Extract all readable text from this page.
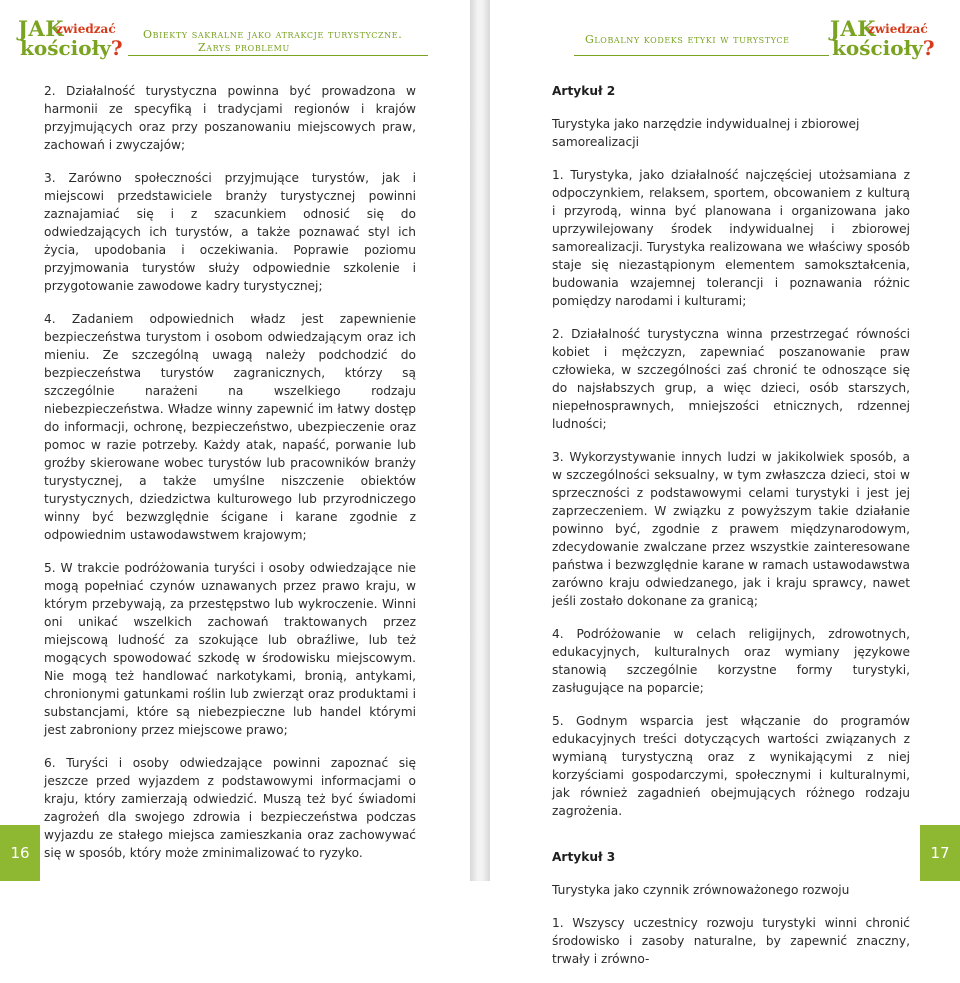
JAK
zwiedzać
kościoły?
Obiekty sakralne jako atrakcje turystyczne.
Zarys problemu

2. Działalność turystyczna powinna być prowadzona w harmonii ze specyfiką i tradycjami regionów i krajów przyjmujących oraz przy poszanowaniu miejscowych praw, zachowań i zwyczajów;

3. Zarówno społeczności przyjmujące turystów, jak i miejscowi przedstawiciele branży turystycznej powinni zaznajamiać się i z szacunkiem odnosić się do odwiedzających ich turystów, a także poznawać styl ich życia, upodobania i oczekiwania. Poprawie poziomu przyjmowania turystów służy odpowiednie szkolenie i przygotowanie zawodowe kadry turystycznej;

4. Zadaniem odpowiednich władz jest zapewnienie bezpieczeństwa turystom i osobom odwiedzającym oraz ich mieniu. Ze szczególną uwagą należy podchodzić do bezpieczeństwa turystów zagranicznych, którzy są szczególnie narażeni na wszelkiego rodzaju niebezpieczeństwa. Władze winny zapewnić im łatwy dostęp do informacji, ochronę, bezpieczeństwo, ubezpieczenie oraz pomoc w razie potrzeby. Każdy atak, napaść, porwanie lub groźby skierowane wobec turystów lub pracowników branży turystycznej, a także umyślne niszczenie obiektów turystycznych, dziedzictwa kulturowego lub przyrodniczego winny być bezwzględnie ścigane i karane zgodnie z odpowiednim ustawodawstwem krajowym;

5. W trakcie podróżowania turyści i osoby odwiedzające nie mogą popełniać czynów uznawanych przez prawo kraju, w którym przebywają, za przestępstwo lub wykroczenie. Winni oni unikać wszelkich zachowań traktowanych przez miejscową ludność za szokujące lub obraźliwe, lub też mogących spowodować szkodę w środowisku miejscowym. Nie mogą też handlować narkotykami, bronią, antykami, chronionymi gatunkami roślin lub zwierząt oraz produktami i substancjami, które są niebezpieczne lub handel którymi jest zabroniony przez miejscowe prawo;

6. Turyści i osoby odwiedzające powinni zapoznać się jeszcze przed wyjazdem z podstawowymi informacjami o kraju, który zamierzają odwiedzić. Muszą też być świadomi zagrożeń dla swojego zdrowia i bezpieczeństwa podczas wyjazdu ze stałego miejsca zamieszkania oraz zachowywać się w sposób, który może zminimalizować to ryzyko.

16
Globalny kodeks etyki w turystyce JAK
zwiedzać
kościoły?

Artykuł 2

Turystyka jako narzędzie indywidualnej i zbiorowej samorealizacji

1. Turystyka, jako działalność najczęściej utożsamiana z odpoczynkiem, relaksem, sportem, obcowaniem z kulturą i przyrodą, winna być planowana i organizowana jako uprzywilejowany środek indywidualnej i zbiorowej samorealizacji. Turystyka realizowana we właściwy sposób staje się niezastąpionym elementem samokształcenia, budowania wzajemnej tolerancji i poznawania różnic pomiędzy narodami i kulturami;

2. Działalność turystyczna winna przestrzegać równości kobiet i mężczyzn, zapewniać poszanowanie praw człowieka, w szczególności zaś chronić te odnoszące się do najsłabszych grup, a więc dzieci, osób starszych, niepełnosprawnych, mniejszości etnicznych, rdzennej ludności;

3. Wykorzystywanie innych ludzi w jakikolwiek sposób, a w szczególności seksualny, w tym zwłaszcza dzieci, stoi w sprzeczności z podstawowymi celami turystyki i jest jej zaprzeczeniem. W związku z powyższym takie działanie powinno być, zgodnie z prawem międzynarodowym, zdecydowanie zwalczane przez wszystkie zainteresowane państwa i bezwzględnie karane w ramach ustawodawstwa zarówno kraju odwiedzanego, jak i kraju sprawcy, nawet jeśli zostało dokonane za granicą;

4. Podróżowanie w celach religijnych, zdrowotnych, edukacyjnych, kulturalnych oraz wymiany językowe stanowią szczególnie korzystne formy turystyki, zasługujące na poparcie;

5. Godnym wsparcia jest włączanie do programów edukacyjnych treści dotyczących wartości związanych z wymianą turystyczną oraz z wynikającymi z niej korzyściami gospodarczymi, społecznymi i kulturalnymi, jak również zagadnień obejmujących różnego rodzaju zagrożenia.

Artykuł 3

Turystyka jako czynnik zrównoważonego rozwoju

1. Wszyscy uczestnicy rozwoju turystyki winni chronić środowisko i zasoby naturalne, by zapewnić znaczny, trwały i zrówno-

17
